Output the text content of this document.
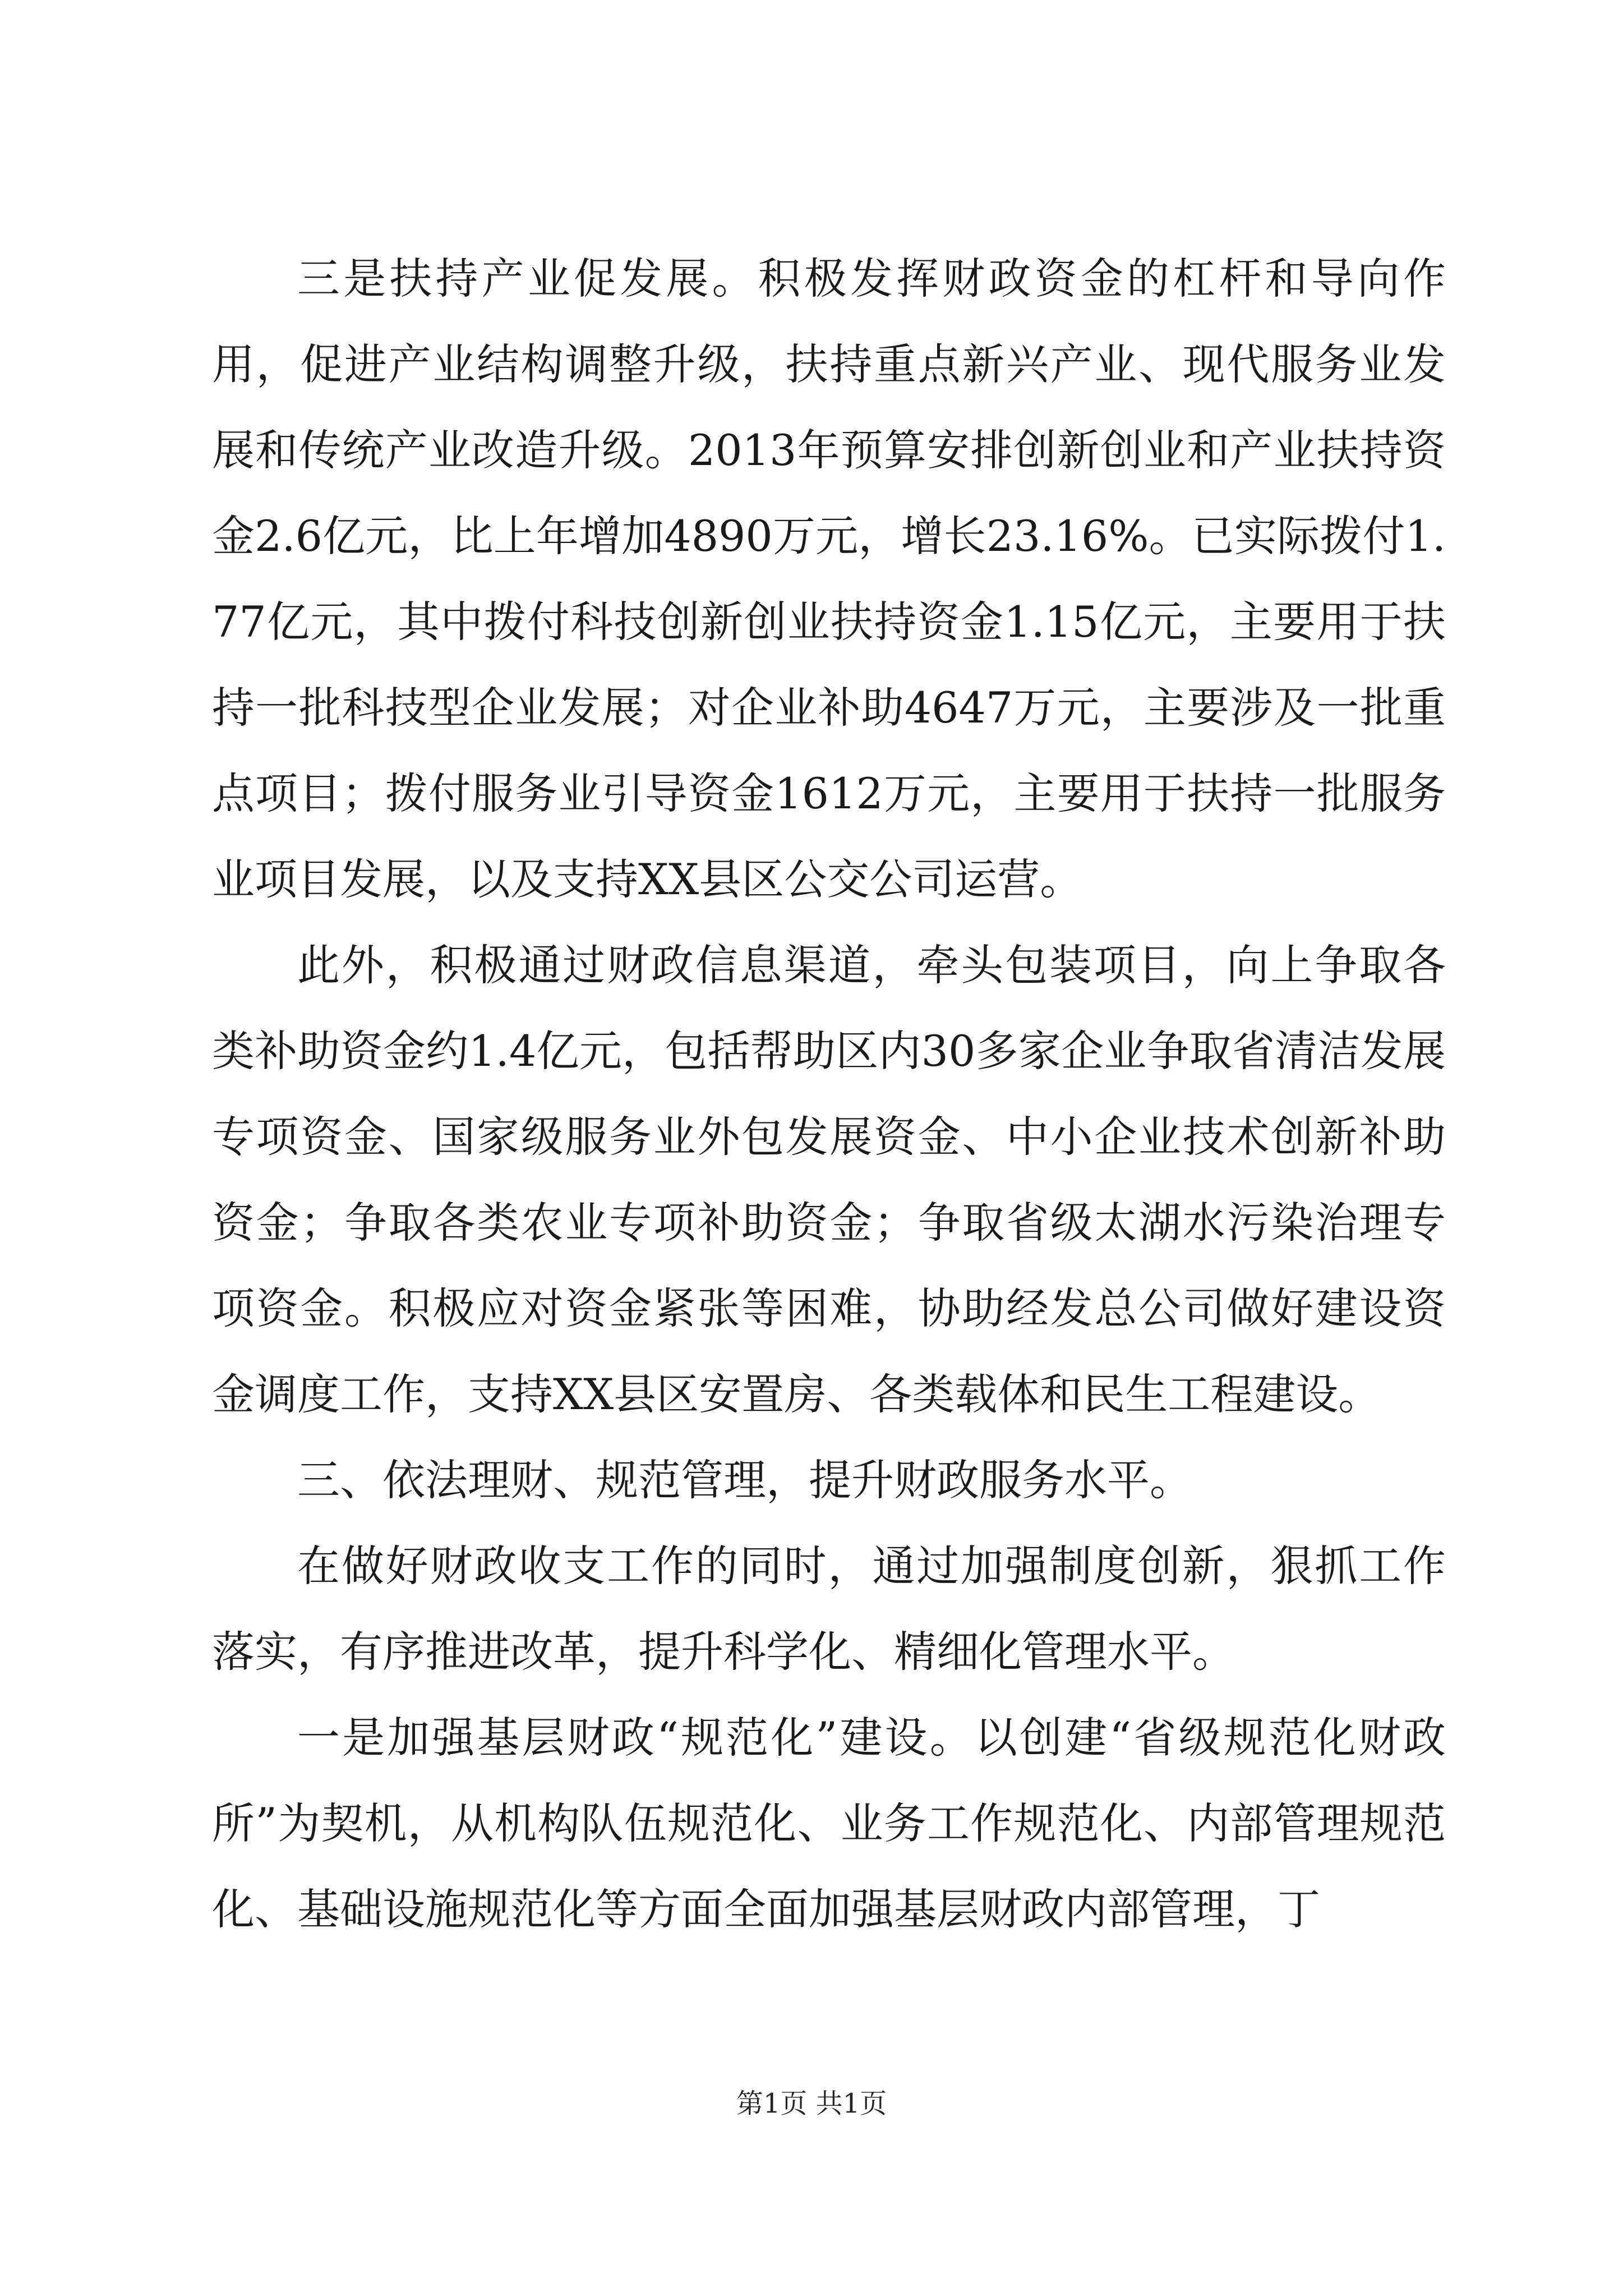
三是扶持产业促发展。积极发挥财政资金的杠杆和导向作用，促进产业结构调整升级，扶持重点新兴产业、现代服务业发展和传统产业改造升级。2013年预算安排创新创业和产业扶持资金2.6亿元，比上年增加4890万元，增长23.16%。已实际拨付1.77亿元，其中拨付科技创新创业扶持资金1.15亿元，主要用于扶持一批科技型企业发展；对企业补助4647万元，主要涉及一批重点项目；拨付服务业引导资金1612万元，主要用于扶持一批服务业项目发展，以及支持XX县区公交公司运营。

此外，积极通过财政信息渠道，牵头包装项目，向上争取各类补助资金约1.4亿元，包括帮助区内30多家企业争取省清洁发展专项资金、国家级服务业外包发展资金、中小企业技术创新补助资金；争取各类农业专项补助资金；争取省级太湖水污染治理专项资金。积极应对资金紧张等困难，协助经发总公司做好建设资金调度工作，支持XX县区安置房、各类载体和民生工程建设。

三、依法理财、规范管理，提升财政服务水平。

在做好财政收支工作的同时，通过加强制度创新，狠抓工作落实，有序推进改革，提升科学化、精细化管理水平。

一是加强基层财政“规范化”建设。以创建“省级规范化财政所”为契机，从机构队伍规范化、业务工作规范化、内部管理规范化、基础设施规范化等方面全面加强基层财政内部管理，丁

第1页 共1页
